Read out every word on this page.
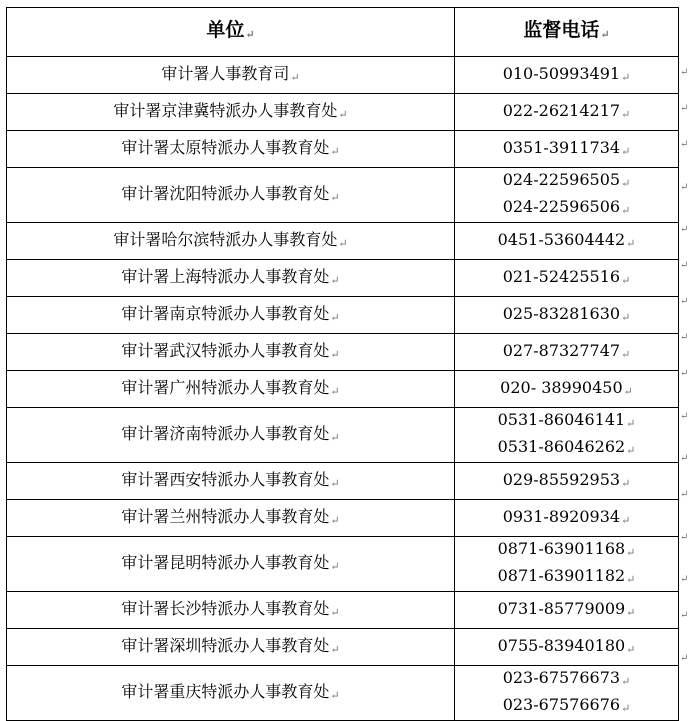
单位↵	监督电话↵
审计署人事教育司↵	010-50993491↵

审计署京津冀特派办人事教育处↵	022-26214217↵

审计署太原特派办人事教育处↵	0351-3911734↵

审计署沈阳特派办人事教育处↵	024-22596505↵
024-22596506↵

审计署哈尔滨特派办人事教育处↵	0451-53604442↵

审计署上海特派办人事教育处↵	021-52425516↵

审计署南京特派办人事教育处↵	025-83281630↵

审计署武汉特派办人事教育处↵	027-87327747↵

审计署广州特派办人事教育处↵	020- 38990450↵

审计署济南特派办人事教育处↵	0531-86046141↵
0531-86046262↵

审计署西安特派办人事教育处↵	029-85592953↵

审计署兰州特派办人事教育处↵	0931-8920934↵

审计署昆明特派办人事教育处↵	0871-63901168↵
0871-63901182↵

审计署长沙特派办人事教育处↵	0731-85779009↵

审计署深圳特派办人事教育处↵	0755-83940180↵

审计署重庆特派办人事教育处↵	023-67576673↵
023-67576676↵
↵
↵
↵
↵
↵
↵
↵
↵
↵
↵
↵
↵
↵
↵
↵
↵
